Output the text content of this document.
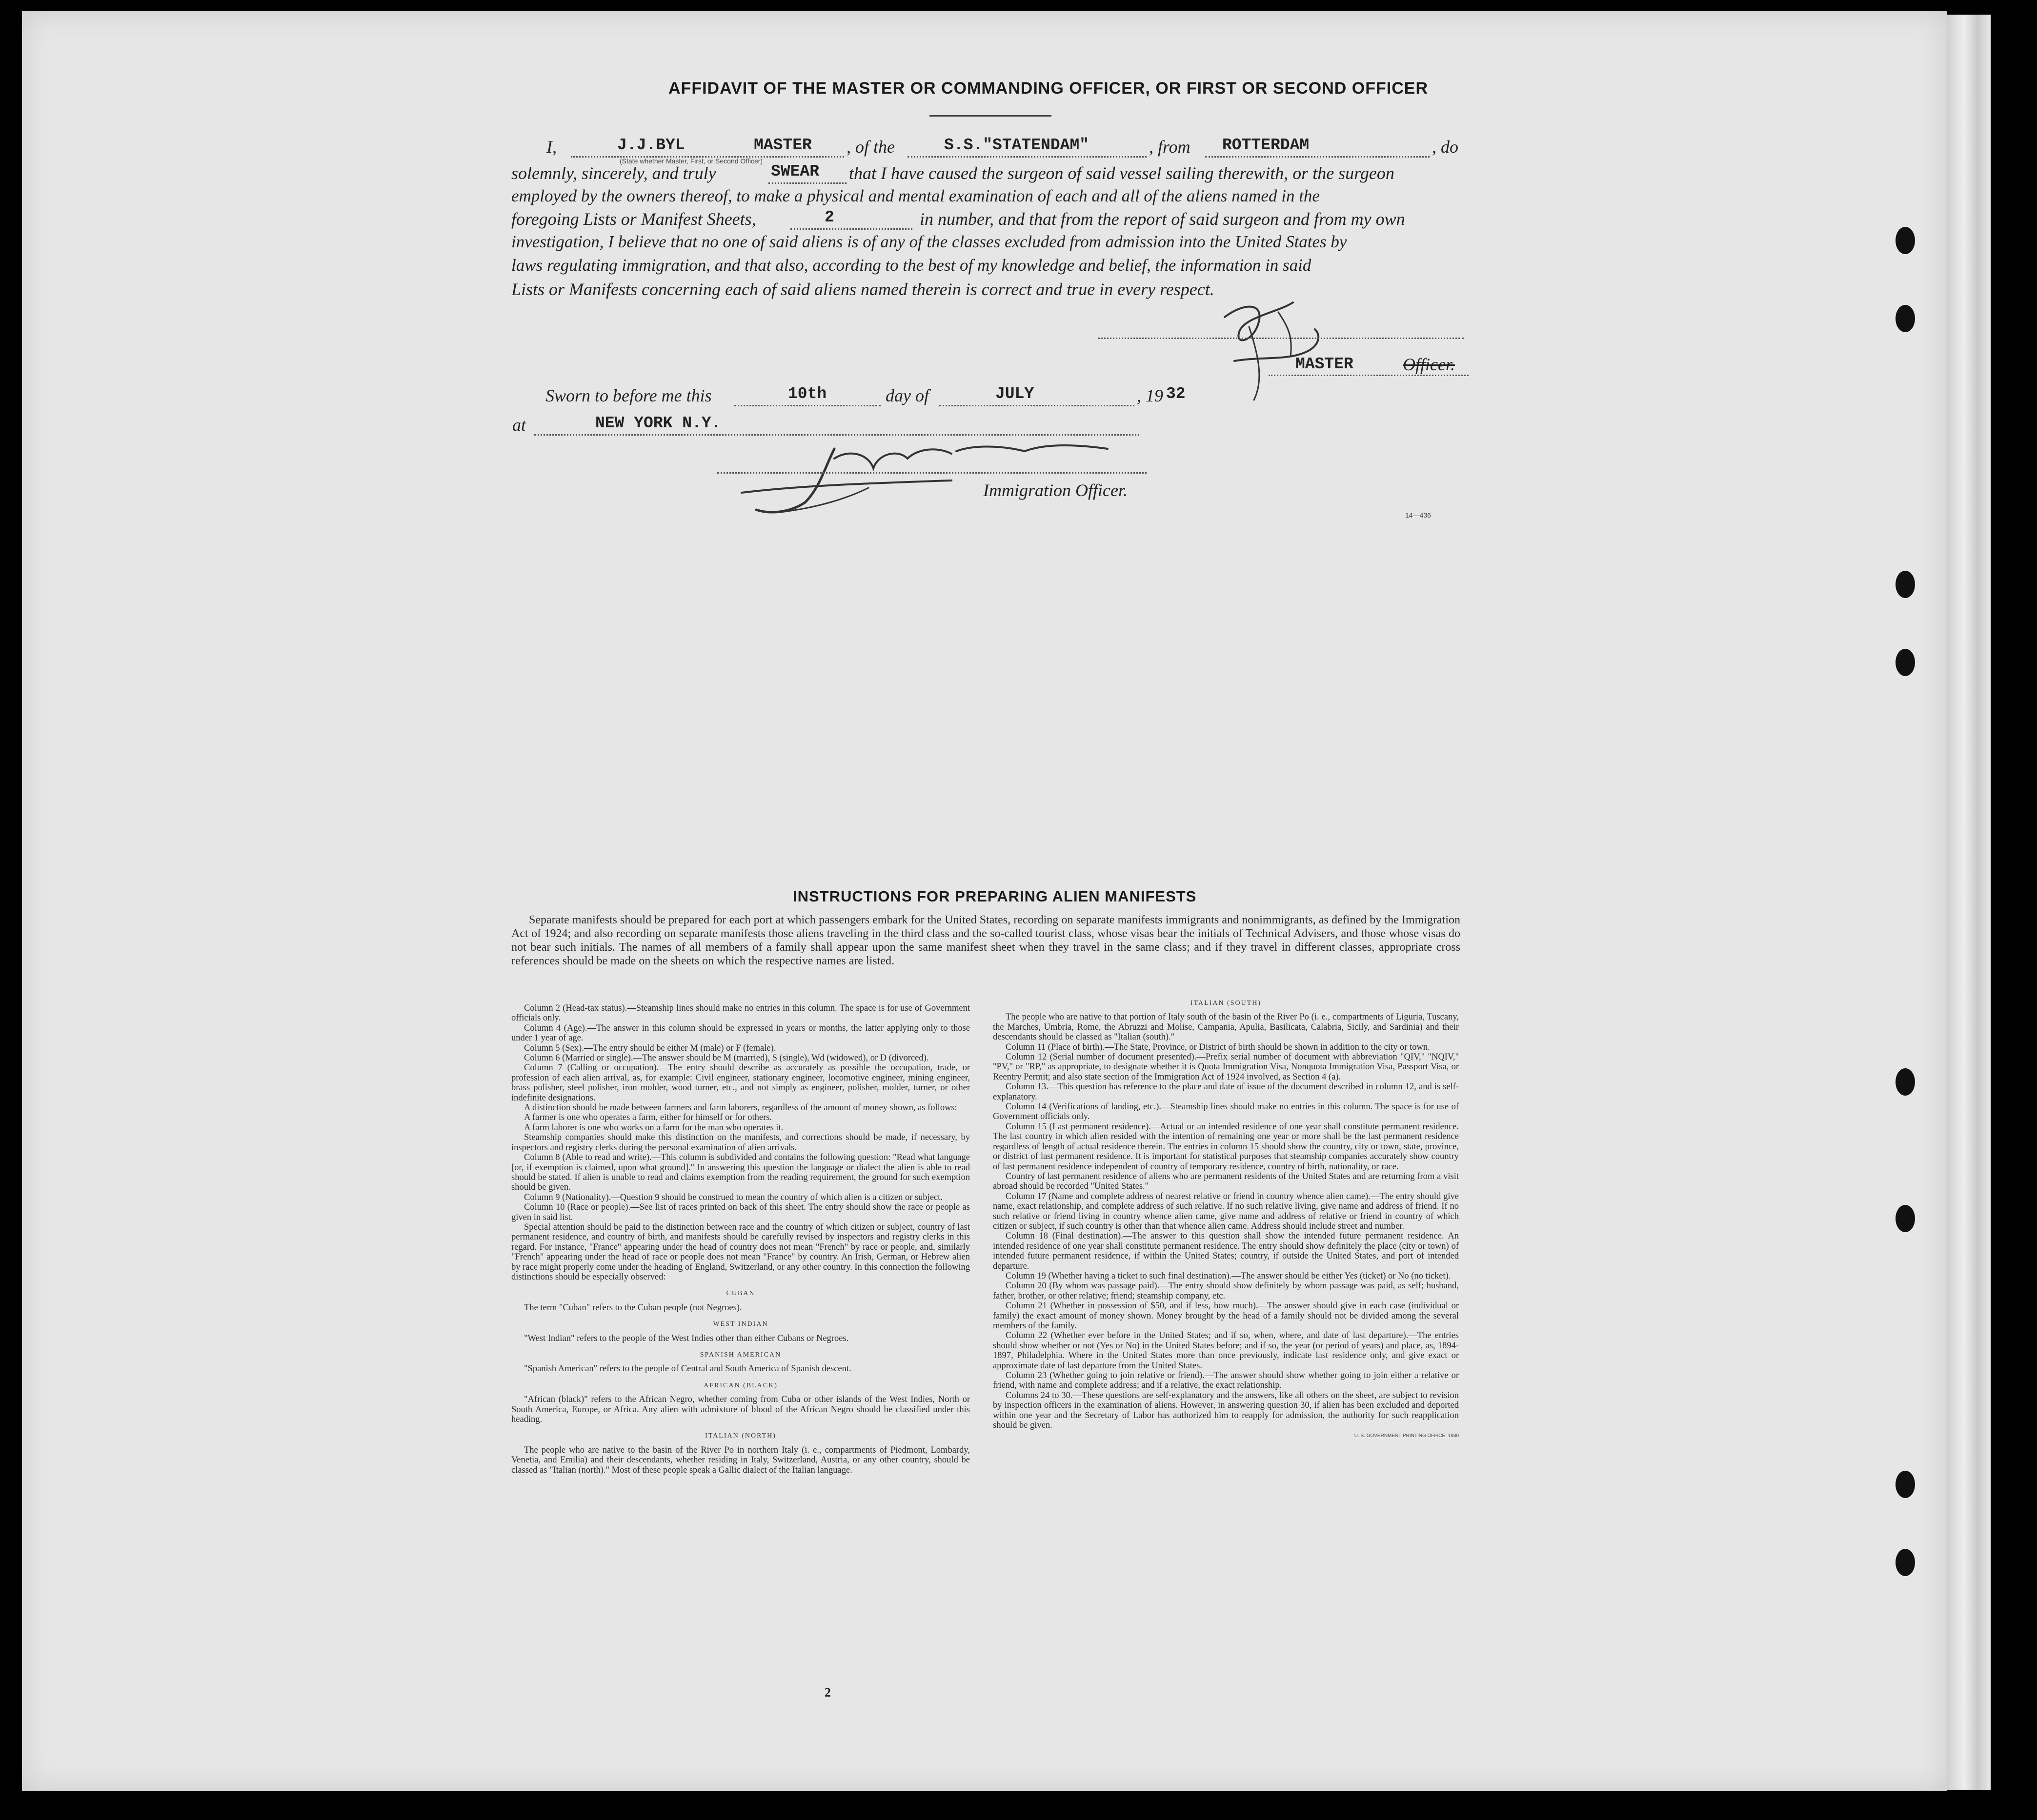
AFFIDAVIT OF THE MASTER OR COMMANDING OFFICER, OR FIRST OR SECOND OFFICER
I,	J.J.BYL	MASTER
(State whether Master, First, or Second Officer)
, of the	S.S."STATENDAM"	, from ROTTERDAM	, do
solemnly, sincerely, and truly	SWEAR that I have caused the surgeon of said vessel sailing therewith, or the surgeon
employed by the owners thereof, to make a physical and mental examination of each and all of the aliens named in the
foregoing Lists or Manifest Sheets,	2	in number, and that from the report of said surgeon and from my own
investigation, I believe that no one of said aliens is of any of the classes excluded from admission into the United States by
laws regulating immigration, and that also, according to the best of my knowledge and belief, the information in said
Lists or Manifests concerning each of said aliens named therein is correct and true in every respect.
MASTER	Officer.
Sworn to before me this	10th	day of	JULY	, 19 32
at	NEW YORK N.Y.
Immigration Officer.
14—436
INSTRUCTIONS FOR PREPARING ALIEN MANIFESTS

Separate manifests should be prepared for each port at which passengers embark for the United States, recording on separate manifests immigrants and nonimmigrants, as defined by the Immigration Act of 1924; and also recording on separate manifests those aliens traveling in the third class and the so-called tourist class, whose visas bear the initials of Technical Advisers, and those whose visas do not bear such initials. The names of all members of a family shall appear upon the same manifest sheet when they travel in the same class; and if they travel in different classes, appropriate cross references should be made on the sheets on which the respective names are listed.

Column 2 (Head-tax status).—Steamship lines should make no entries in this column. The space is for use of Government officials only.

Column 4 (Age).—The answer in this column should be expressed in years or months, the latter applying only to those under 1 year of age.

Column 5 (Sex).—The entry should be either M (male) or F (female).

Column 6 (Married or single).—The answer should be M (married), S (single), Wd (widowed), or D (divorced).

Column 7 (Calling or occupation).—The entry should describe as accurately as possible the occupation, trade, or profession of each alien arrival, as, for example: Civil engineer, stationary engineer, locomotive engineer, mining engineer, brass polisher, steel polisher, iron molder, wood turner, etc., and not simply as engineer, polisher, molder, turner, or other indefinite designations.

A distinction should be made between farmers and farm laborers, regardless of the amount of money shown, as follows:

A farmer is one who operates a farm, either for himself or for others.

A farm laborer is one who works on a farm for the man who operates it.

Steamship companies should make this distinction on the manifests, and corrections should be made, if necessary, by inspectors and registry clerks during the personal examination of alien arrivals.

Column 8 (Able to read and write).—This column is subdivided and contains the following question: "Read what language [or, if exemption is claimed, upon what ground]." In answering this question the language or dialect the alien is able to read should be stated. If alien is unable to read and claims exemption from the reading requirement, the ground for such exemption should be given.

Column 9 (Nationality).—Question 9 should be construed to mean the country of which alien is a citizen or subject.

Column 10 (Race or people).—See list of races printed on back of this sheet. The entry should show the race or people as given in said list.

Special attention should be paid to the distinction between race and the country of which citizen or subject, country of last permanent residence, and country of birth, and manifests should be carefully revised by inspectors and registry clerks in this regard. For instance, "France" appearing under the head of country does not mean "French" by race or people, and, similarly "French" appearing under the head of race or people does not mean "France" by country. An Irish, German, or Hebrew alien by race might properly come under the heading of England, Switzerland, or any other country. In this connection the following distinctions should be especially observed:

CUBAN

The term "Cuban" refers to the Cuban people (not Negroes).

WEST INDIAN

"West Indian" refers to the people of the West Indies other than either Cubans or Negroes.

SPANISH AMERICAN

"Spanish American" refers to the people of Central and South America of Spanish descent.

AFRICAN (BLACK)

"African (black)" refers to the African Negro, whether coming from Cuba or other islands of the West Indies, North or South America, Europe, or Africa. Any alien with admixture of blood of the African Negro should be classified under this heading.

ITALIAN (NORTH)

The people who are native to the basin of the River Po in northern Italy (i. e., compartments of Piedmont, Lombardy, Venetia, and Emilia) and their descendants, whether residing in Italy, Switzerland, Austria, or any other country, should be classed as "Italian (north)." Most of these people speak a Gallic dialect of the Italian language.

ITALIAN (SOUTH)

The people who are native to that portion of Italy south of the basin of the River Po (i. e., compartments of Liguria, Tuscany, the Marches, Umbria, Rome, the Abruzzi and Molise, Campania, Apulia, Basilicata, Calabria, Sicily, and Sardinia) and their descendants should be classed as "Italian (south)."

Column 11 (Place of birth).—The State, Province, or District of birth should be shown in addition to the city or town.

Column 12 (Serial number of document presented).—Prefix serial number of document with abbreviation "QIV," "NQIV," "PV," or "RP," as appropriate, to designate whether it is Quota Immigration Visa, Nonquota Immigration Visa, Passport Visa, or Reentry Permit; and also state section of the Immigration Act of 1924 involved, as Section 4 (a).

Column 13.—This question has reference to the place and date of issue of the document described in column 12, and is self-explanatory.

Column 14 (Verifications of landing, etc.).—Steamship lines should make no entries in this column. The space is for use of Government officials only.

Column 15 (Last permanent residence).—Actual or an intended residence of one year shall constitute permanent residence. The last country in which alien resided with the intention of remaining one year or more shall be the last permanent residence regardless of length of actual residence therein. The entries in column 15 should show the country, city or town, state, province, or district of last permanent residence. It is important for statistical purposes that steamship companies accurately show country of last permanent residence independent of country of temporary residence, country of birth, nationality, or race.

Country of last permanent residence of aliens who are permanent residents of the United States and are returning from a visit abroad should be recorded "United States."

Column 17 (Name and complete address of nearest relative or friend in country whence alien came).—The entry should give name, exact relationship, and complete address of such relative. If no such relative living, give name and address of friend. If no such relative or friend living in country whence alien came, give name and address of relative or friend in country of which citizen or subject, if such country is other than that whence alien came. Address should include street and number.

Column 18 (Final destination).—The answer to this question shall show the intended future permanent residence. An intended residence of one year shall constitute permanent residence. The entry should show definitely the place (city or town) of intended future permanent residence, if within the United States; country, if outside the United States, and port of intended departure.

Column 19 (Whether having a ticket to such final destination).—The answer should be either Yes (ticket) or No (no ticket).

Column 20 (By whom was passage paid).—The entry should show definitely by whom passage was paid, as self; husband, father, brother, or other relative; friend; steamship company, etc.

Column 21 (Whether in possession of $50, and if less, how much).—The answer should give in each case (individual or family) the exact amount of money shown. Money brought by the head of a family should not be divided among the several members of the family.

Column 22 (Whether ever before in the United States; and if so, when, where, and date of last departure).—The entries should show whether or not (Yes or No) in the United States before; and if so, the year (or period of years) and place, as, 1894-1897, Philadelphia. Where in the United States more than once previously, indicate last residence only, and give exact or approximate date of last departure from the United States.

Column 23 (Whether going to join relative or friend).—The answer should show whether going to join either a relative or friend, with name and complete address; and if a relative, the exact relationship.

Columns 24 to 30.—These questions are self-explanatory and the answers, like all others on the sheet, are subject to revision by inspection officers in the examination of aliens. However, in answering question 30, if alien has been excluded and deported within one year and the Secretary of Labor has authorized him to reapply for admission, the authority for such reapplication should be given.

U. S. GOVERNMENT PRINTING OFFICE: 1930
2
